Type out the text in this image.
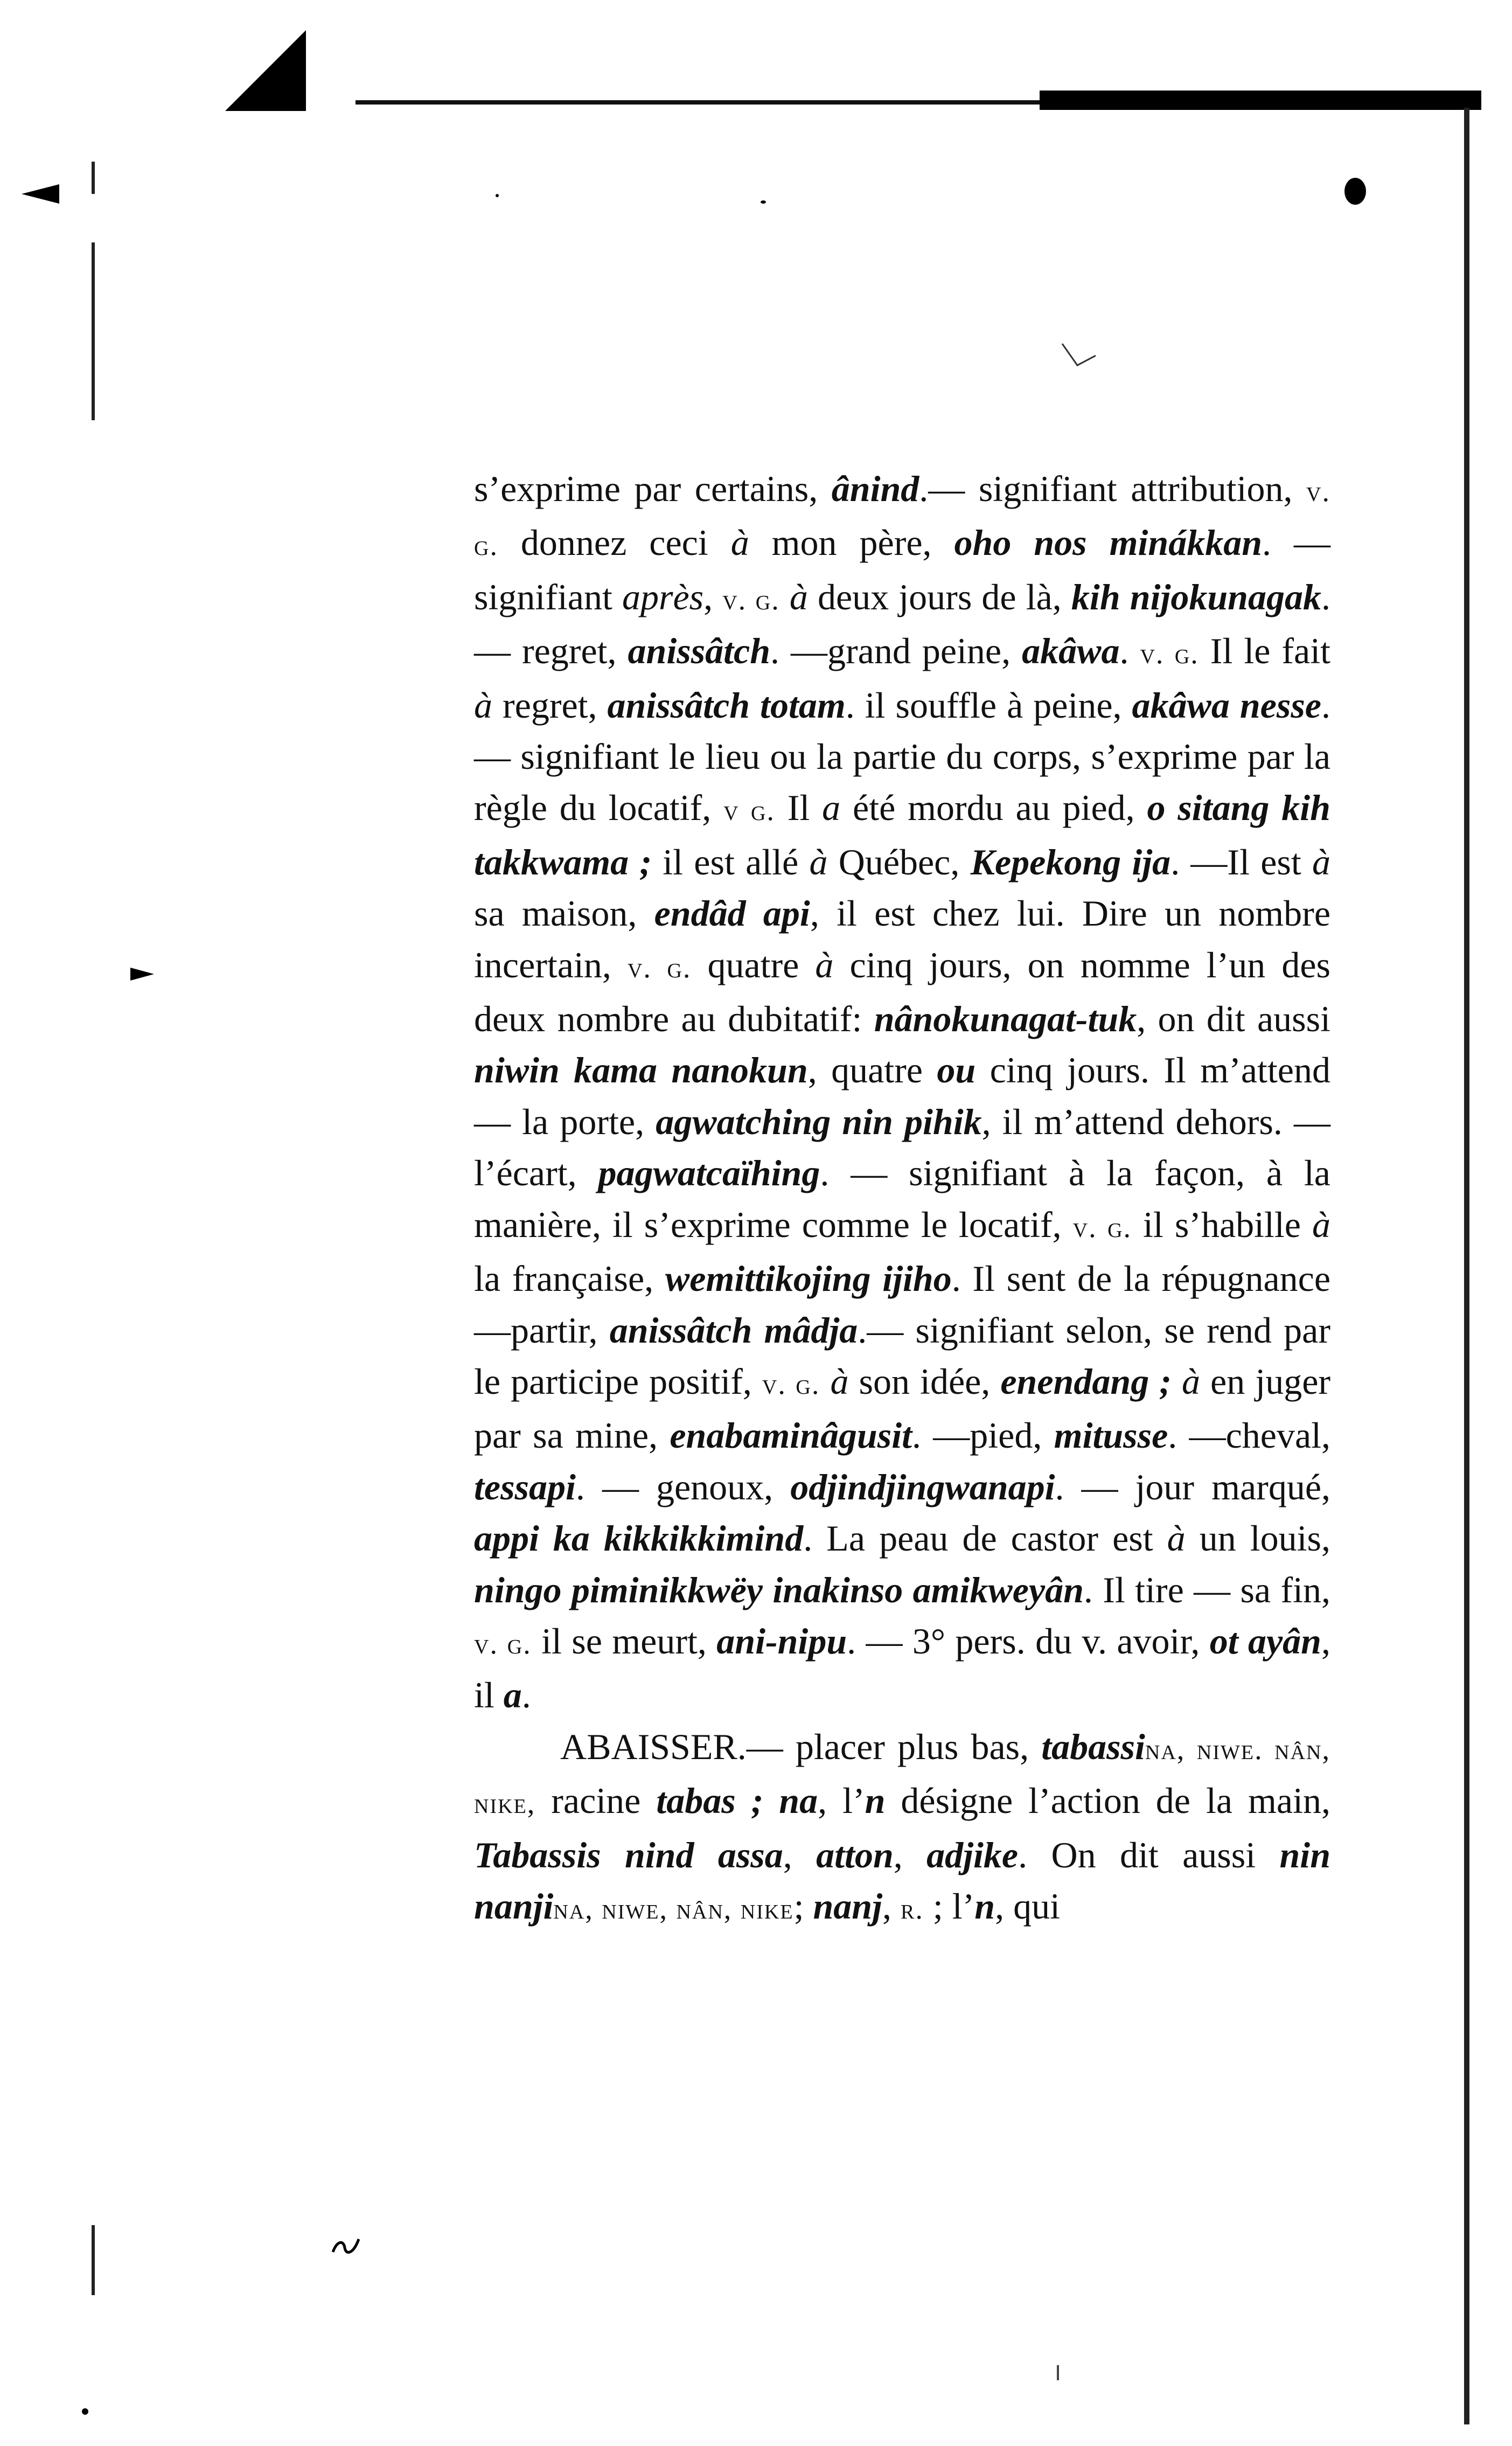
s’exprime par certains, ânind.— signifiant attribution, v. g. donnez ceci à mon père, oho nos minákkan. —signifiant après, v. g. à deux jours de là, kih nijokunagak. — regret, anissâtch. —grand peine, akâwa. v. g. Il le fait à regret, anissâtch totam. il souffle à peine, akâwa nesse.— signifiant le lieu ou la partie du corps, s’exprime par la règle du locatif, v g. Il a été mordu au pied, o sitang kih takkwama ; il est allé à Québec, Kepekong ija. —Il est à sa maison, endâd api, il est chez lui. Dire un nombre incertain, v. g. quatre à cinq jours, on nomme l’un des deux nombre au dubitatif: nânokunagat-tuk, on dit aussi niwin kama nanokun, quatre ou cinq jours. Il m’attend — la porte, agwatching nin pihik, il m’attend dehors. — l’écart, pagwatcaïhing. — signifiant à la façon, à la manière, il s’exprime comme le locatif, v. g. il s’habille à la française, wemittikojing ijiho. Il sent de la répugnance—partir, anissâtch mâdja.— signifiant selon, se rend par le participe positif, v. g. à son idée, enendang ; à en juger par sa mine, enabaminâgusit. —pied, mitusse. —cheval, tessapi. — genoux, odjindjingwanapi. — jour marqué, appi ka kikkikkimind. La peau de castor est à un louis, ningo piminikkwëy inakinso amikweyân. Il tire — sa fin, v. g. il se meurt, ani-nipu. — 3° pers. du v. avoir, ot ayân, il a.

ABAISSER.— placer plus bas, tabassina, niwe. nân, nike, racine tabas ; na, l’n désigne l’action de la main, Tabassis nind assa, atton, adjike. On dit aussi nin nanjina, niwe, nân, nike; nanj, r. ; l’n, qui
